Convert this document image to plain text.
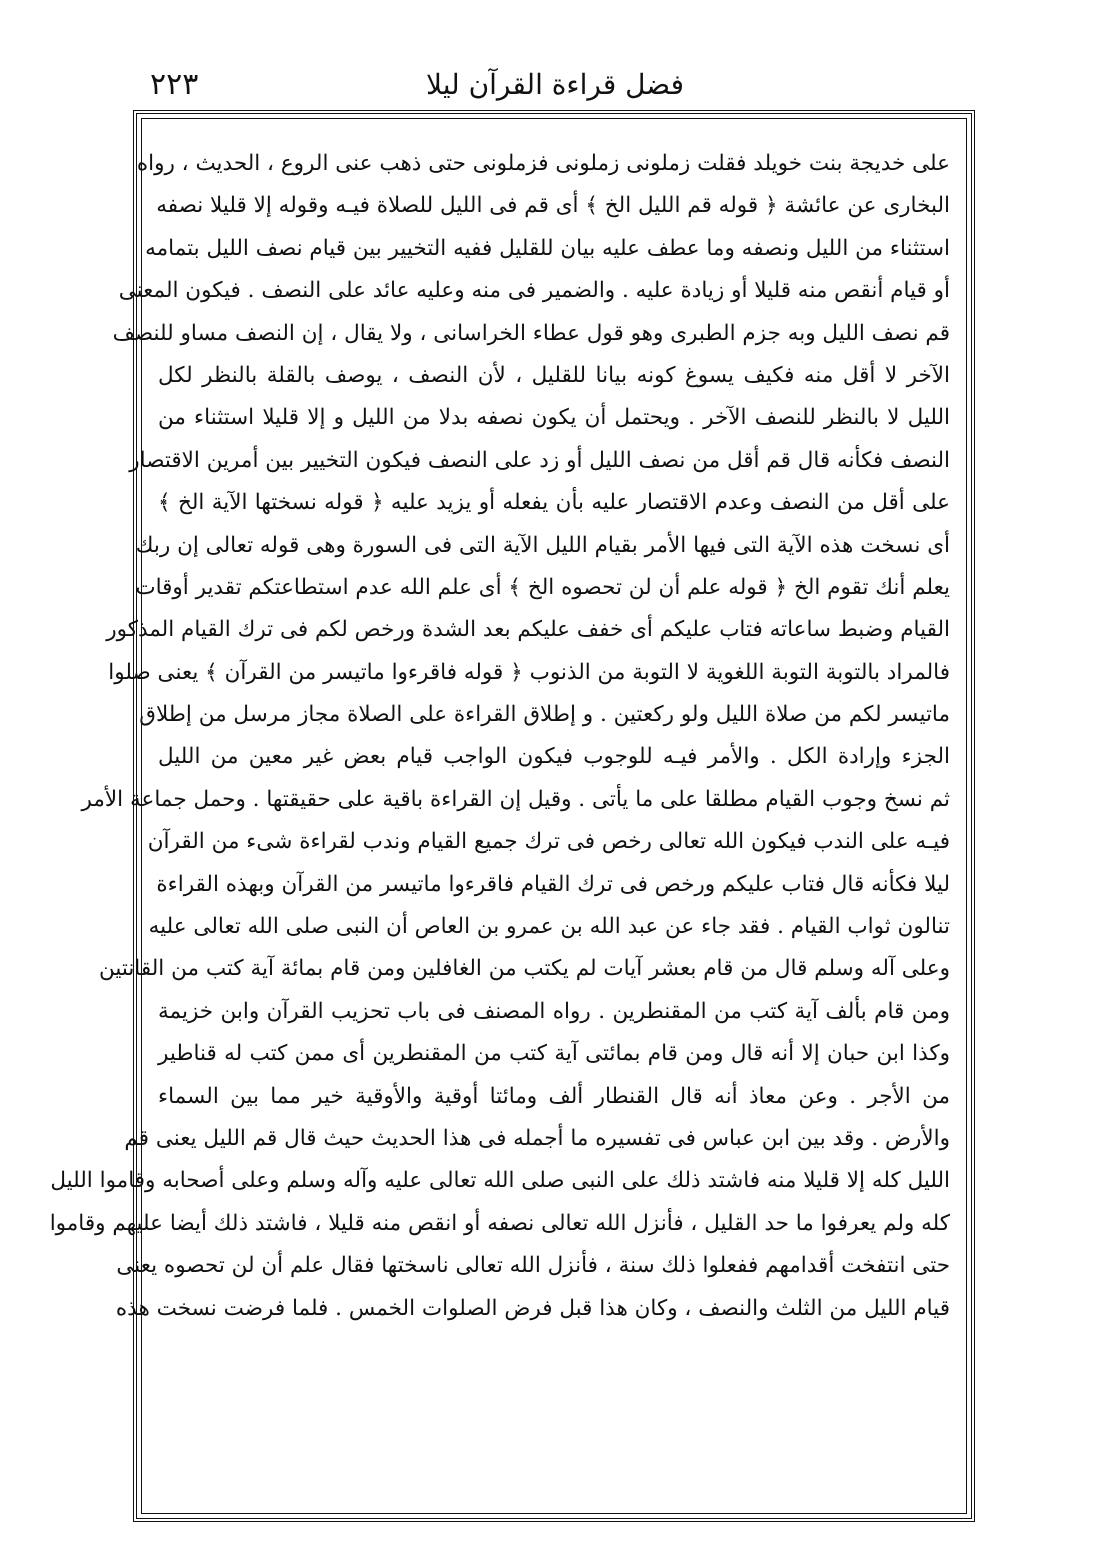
فضل قراءة القرآن ليلا
٢٢٣
على خديجة بنت خويلد فقلت زملونى زملونى فزملونى حتى ذهب عنى الروع ، الحديث ، رواه
البخارى عن عائشة ﴿ قوله قم الليل الخ ﴾ أى قم فى الليل للصلاة فيـه وقوله إلا قليلا نصفه
استثناء من الليل ونصفه وما عطف عليه بيان للقليل ففيه التخيير بين قيام نصف الليل بتمامه
أو قيام أنقص منه قليلا أو زيادة عليه . والضمير فى منه وعليه عائد على النصف . فيكون المعنى
قم نصف الليل وبه جزم الطبرى وهو قول عطاء الخراسانى ، ولا يقال ، إن النصف مساو للنصف
الآخر لا أقل منه فكيف يسوغ كونه بيانا للقليل ، لأن النصف ، يوصف بالقلة بالنظر لكل
الليل لا بالنظر للنصف الآخر . ويحتمل أن يكون نصفه بدلا من الليل و إلا قليلا استثناء من
النصف فكأنه قال قم أقل من نصف الليل أو زد على النصف فيكون التخيير بين أمرين الاقتصار
على أقل من النصف وعدم الاقتصار عليه بأن يفعله أو يزيد عليه ﴿ قوله نسختها الآية الخ ﴾
أى نسخت هذه الآية التى فيها الأمر بقيام الليل الآية التى فى السورة وهى قوله تعالى إن ربك
يعلم أنك تقوم الخ ﴿ قوله علم أن لن تحصوه الخ ﴾ أى علم الله عدم استطاعتكم تقدير أوقات
القيام وضبط ساعاته فتاب عليكم أى خفف عليكم بعد الشدة ورخص لكم فى ترك القيام المذكور
فالمراد بالتوبة التوبة اللغوية لا التوبة من الذنوب ﴿ قوله فاقرءوا ماتيسر من القرآن ﴾ يعنى صلوا
ماتيسر لكم من صلاة الليل ولو ركعتين . و إطلاق القراءة على الصلاة مجاز مرسل من إطلاق
الجزء وإرادة الكل . والأمر فيـه للوجوب فيكون الواجب قيام بعض غير معين من الليل
ثم نسخ وجوب القيام مطلقا على ما يأتى . وقيل إن القراءة باقية على حقيقتها . وحمل جماعة الأمر
فيـه على الندب فيكون الله تعالى رخص فى ترك جميع القيام وندب لقراءة شىء من القرآن
ليلا فكأنه قال فتاب عليكم ورخص فى ترك القيام فاقرءوا ماتيسر من القرآن وبهذه القراءة
تنالون ثواب القيام . فقد جاء عن عبد الله بن عمرو بن العاص أن النبى صلى الله تعالى عليه
وعلى آله وسلم قال من قام بعشر آيات لم يكتب من الغافلين ومن قام بمائة آية كتب من القانتين
ومن قام بألف آية كتب من المقنطرين . رواه المصنف فى باب تحزيب القرآن وابن خزيمة
وكذا ابن حبان إلا أنه قال ومن قام بمائتى آية كتب من المقنطرين أى ممن كتب له قناطير
من الأجر . وعن معاذ أنه قال القنطار ألف ومائتا أوقية والأوقية خير مما بين السماء
والأرض . وقد بين ابن عباس فى تفسيره ما أجمله فى هذا الحديث حيث قال قم الليل يعنى قم
الليل كله إلا قليلا منه فاشتد ذلك على النبى صلى الله تعالى عليه وآله وسلم وعلى أصحابه وقاموا الليل
كله ولم يعرفوا ما حد القليل ، فأنزل الله تعالى نصفه أو انقص منه قليلا ، فاشتد ذلك أيضا عليهم وقاموا
حتى انتفخت أقدامهم ففعلوا ذلك سنة ، فأنزل الله تعالى ناسختها فقال علم أن لن تحصوه يعنى
قيام الليل من الثلث والنصف ، وكان هذا قبل فرض الصلوات الخمس . فلما فرضت نسخت هذه
